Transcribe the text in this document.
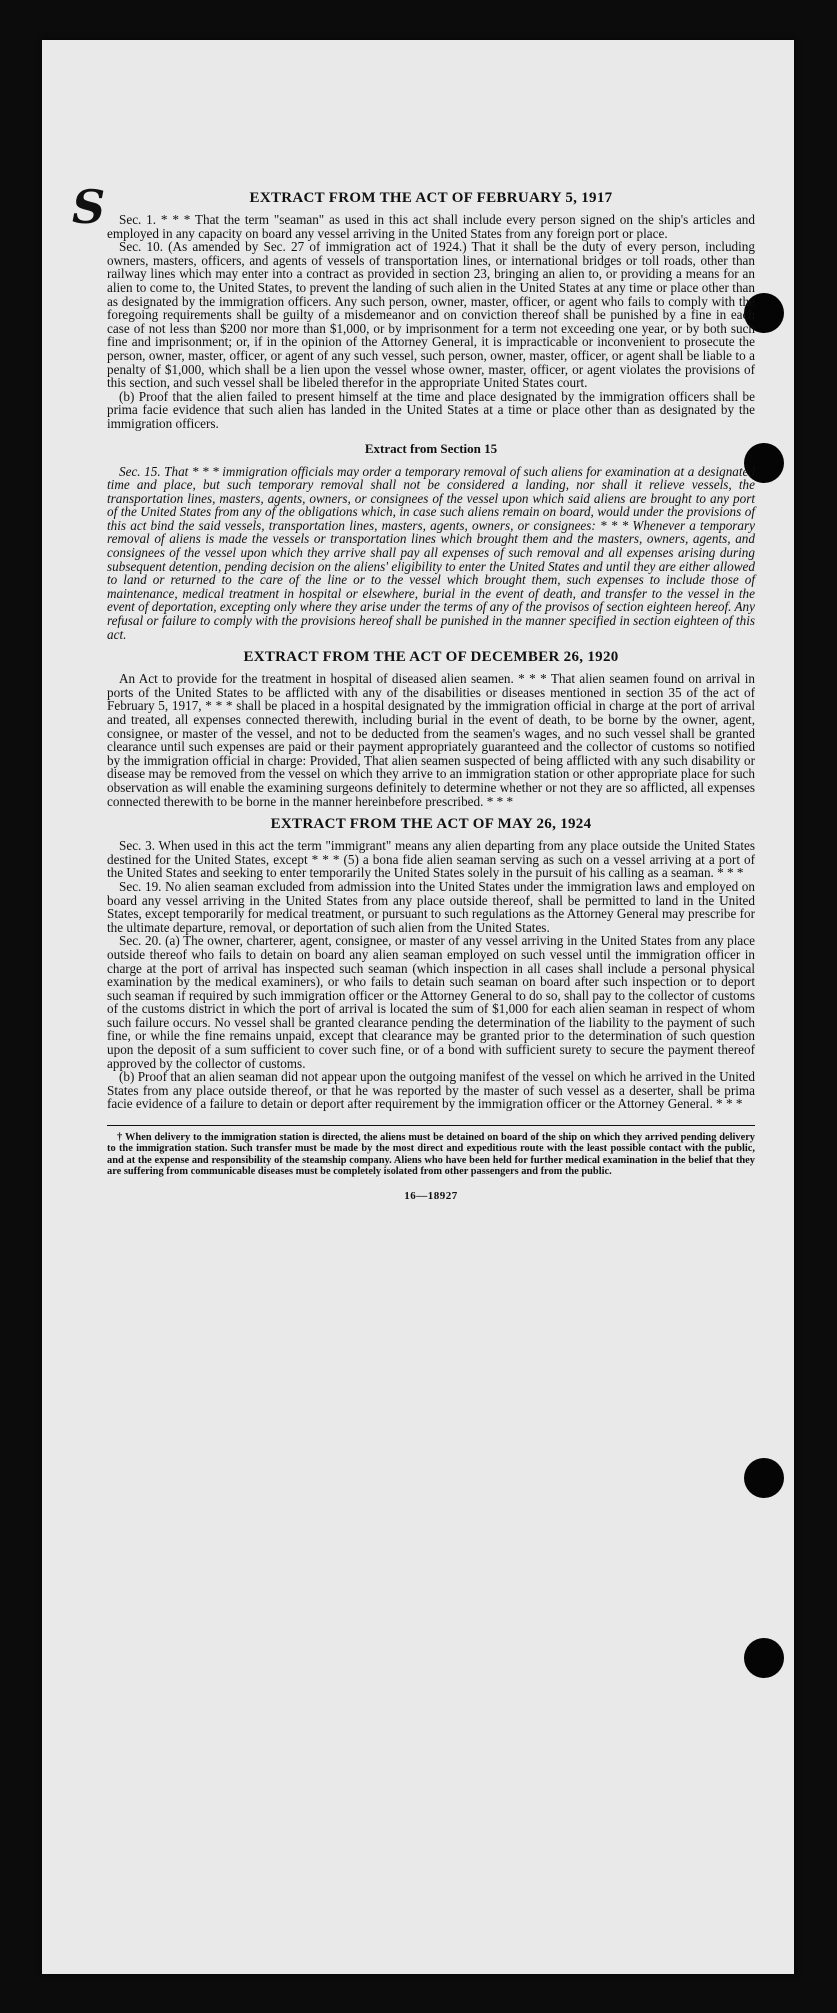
S	EXTRACT FROM THE ACT OF FEBRUARY 5, 1917

Sec. 1. * * * That the term "seaman" as used in this act shall include every person signed on the ship's articles and employed in any capacity on board any vessel arriving in the United States from any foreign port or place.

Sec. 10. (As amended by Sec. 27 of immigration act of 1924.) That it shall be the duty of every person, including owners, masters, officers, and agents of vessels of transportation lines, or international bridges or toll roads, other than railway lines which may enter into a contract as provided in section 23, bringing an alien to, or providing a means for an alien to come to, the United States, to prevent the landing of such alien in the United States at any time or place other than as designated by the immigration officers. Any such person, owner, master, officer, or agent who fails to comply with the foregoing requirements shall be guilty of a misdemeanor and on conviction thereof shall be punished by a fine in each case of not less than $200 nor more than $1,000, or by imprisonment for a term not exceeding one year, or by both such fine and imprisonment; or, if in the opinion of the Attorney General, it is impracticable or inconvenient to prosecute the person, owner, master, officer, or agent of any such vessel, such person, owner, master, officer, or agent shall be liable to a penalty of $1,000, which shall be a lien upon the vessel whose owner, master, officer, or agent violates the provisions of this section, and such vessel shall be libeled therefor in the appropriate United States court.

(b) Proof that the alien failed to present himself at the time and place designated by the immigration officers shall be prima facie evidence that such alien has landed in the United States at a time or place other than as designated by the immigration officers.

Extract from Section 15

Sec. 15. That * * * immigration officials may order a temporary removal of such aliens for examination at a designated time and place, but such temporary removal shall not be considered a landing, nor shall it relieve vessels, the transportation lines, masters, agents, owners, or consignees of the vessel upon which said aliens are brought to any port of the United States from any of the obligations which, in case such aliens remain on board, would under the provisions of this act bind the said vessels, transportation lines, masters, agents, owners, or consignees: * * * Whenever a temporary removal of aliens is made the vessels or transportation lines which brought them and the masters, owners, agents, and consignees of the vessel upon which they arrive shall pay all expenses of such removal and all expenses arising during subsequent detention, pending decision on the aliens' eligibility to enter the United States and until they are either allowed to land or returned to the care of the line or to the vessel which brought them, such expenses to include those of maintenance, medical treatment in hospital or elsewhere, burial in the event of death, and transfer to the vessel in the event of deportation, excepting only where they arise under the terms of any of the provisos of section eighteen hereof. Any refusal or failure to comply with the provisions hereof shall be punished in the manner specified in section eighteen of this act.

EXTRACT FROM THE ACT OF DECEMBER 26, 1920

An Act to provide for the treatment in hospital of diseased alien seamen. * * * That alien seamen found on arrival in ports of the United States to be afflicted with any of the disabilities or diseases mentioned in section 35 of the act of February 5, 1917, * * * shall be placed in a hospital designated by the immigration official in charge at the port of arrival and treated, all expenses connected therewith, including burial in the event of death, to be borne by the owner, agent, consignee, or master of the vessel, and not to be deducted from the seamen's wages, and no such vessel shall be granted clearance until such expenses are paid or their payment appropriately guaranteed and the collector of customs so notified by the immigration official in charge: Provided, That alien seamen suspected of being afflicted with any such disability or disease may be removed from the vessel on which they arrive to an immigration station or other appropriate place for such observation as will enable the examining surgeons definitely to determine whether or not they are so afflicted, all expenses connected therewith to be borne in the manner hereinbefore prescribed. * * *

EXTRACT FROM THE ACT OF MAY 26, 1924

Sec. 3. When used in this act the term "immigrant" means any alien departing from any place outside the United States destined for the United States, except * * * (5) a bona fide alien seaman serving as such on a vessel arriving at a port of the United States and seeking to enter temporarily the United States solely in the pursuit of his calling as a seaman. * * *

Sec. 19. No alien seaman excluded from admission into the United States under the immigration laws and employed on board any vessel arriving in the United States from any place outside thereof, shall be permitted to land in the United States, except temporarily for medical treatment, or pursuant to such regulations as the Attorney General may prescribe for the ultimate departure, removal, or deportation of such alien from the United States.

Sec. 20. (a) The owner, charterer, agent, consignee, or master of any vessel arriving in the United States from any place outside thereof who fails to detain on board any alien seaman employed on such vessel until the immigration officer in charge at the port of arrival has inspected such seaman (which inspection in all cases shall include a personal physical examination by the medical examiners), or who fails to detain such seaman on board after such inspection or to deport such seaman if required by such immigration officer or the Attorney General to do so, shall pay to the collector of customs of the customs district in which the port of arrival is located the sum of $1,000 for each alien seaman in respect of whom such failure occurs. No vessel shall be granted clearance pending the determination of the liability to the payment of such fine, or while the fine remains unpaid, except that clearance may be granted prior to the determination of such question upon the deposit of a sum sufficient to cover such fine, or of a bond with sufficient surety to secure the payment thereof approved by the collector of customs.

(b) Proof that an alien seaman did not appear upon the outgoing manifest of the vessel on which he arrived in the United States from any place outside thereof, or that he was reported by the master of such vessel as a deserter, shall be prima facie evidence of a failure to detain or deport after requirement by the immigration officer or the Attorney General. * * *

† When delivery to the immigration station is directed, the aliens must be detained on board of the ship on which they arrived pending delivery to the immigration station. Such transfer must be made by the most direct and expeditious route with the least possible contact with the public, and at the expense and responsibility of the steamship company. Aliens who have been held for further medical examination in the belief that they are suffering from communicable diseases must be completely isolated from other passengers and from the public.

16—18927
